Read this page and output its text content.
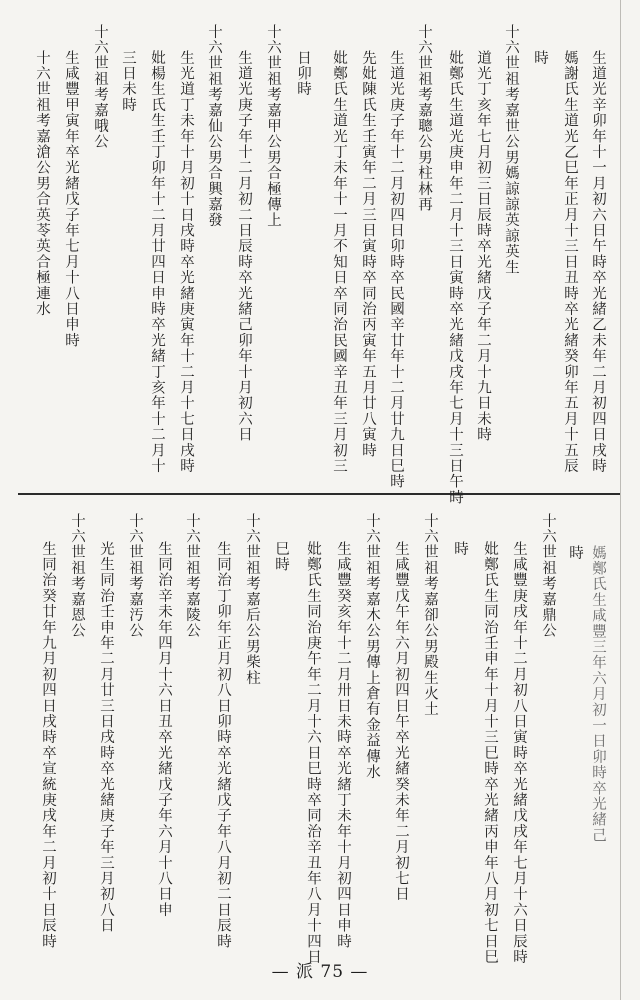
生道光辛卯年十一月初六日午時卒光緒乙未年二月初四日戌時
媽謝氏生道光乙巳年正月十三日丑時卒光緒癸卯年五月十五辰
時
十六世祖考嘉世公男媽諒諒英諒英生
道光丁亥年七月初三日辰時卒光緒戊子年二月十九日未時
妣鄭氏生道光庚申年二月十三日寅時卒光緒戊戌年七月十三日午時
十六世祖考嘉聰公男柱林再
生道光庚子年十二月初四日卯時卒民國辛廿年十二月廿九日巳時
先妣陳氏生壬寅年二月三日寅時卒同治丙寅年五月廿八寅時
妣鄭氏生道光丁未年十一月不知日卒同治民國辛丑年三月初三
日卯時
十六世祖考嘉甲公男合極傳上
生道光庚子年十二月初二日辰時卒光緒己卯年十月初六日
十六世祖考嘉仙公男合興嘉發
生光道丁未年十月初十日戌時卒光緒庚寅年十二月十七日戌時
妣楊生氏生壬丁卯年十二月廿四日申時卒光緒丁亥年十二月十
三日未時
十六世祖考嘉哦公
生咸豐甲寅年卒光緒戊子年七月十八日申時
十六世祖考嘉滄公男合英苓英合極連水
媽鄭氏生咸豐三年六月初一日卯時卒光緒己
十六世祖考嘉鼎公 時
生咸豐庚戌年十二月初八日寅時卒光緒戊戌年七月十六日辰時
妣鄭氏生同治壬申年十月十三巳時卒光緒丙申年八月初七日巳
時
十六世祖考嘉卻公男殿生火土
生咸豐戊午年六月初四日午卒光緒癸未年二月初七日
十六世祖考嘉木公男傳上倉有金益傳水
生咸豐癸亥年十二月卅日未時卒光緒丁未年十月初四日申時
妣鄭氏生同治庚午年二月十六日巳時卒同治辛丑年八月十四日
巳時
十六世祖考嘉后公男柴柱
生同治丁卯年正月初八日卯時卒光緒戊子年八月初二日辰時
十六世祖考嘉陵公
生同治辛未年四月十六日丑卒光緒戊子年六月十八日申
十六世祖考嘉汚公
光生同治壬申年二月廿三日戌時卒光緒庚子年三月初八日
十六世祖考嘉恩公
生同治癸廿年九月初四日戌時卒宣統庚戌年二月初十日辰時
— 派 75 —
